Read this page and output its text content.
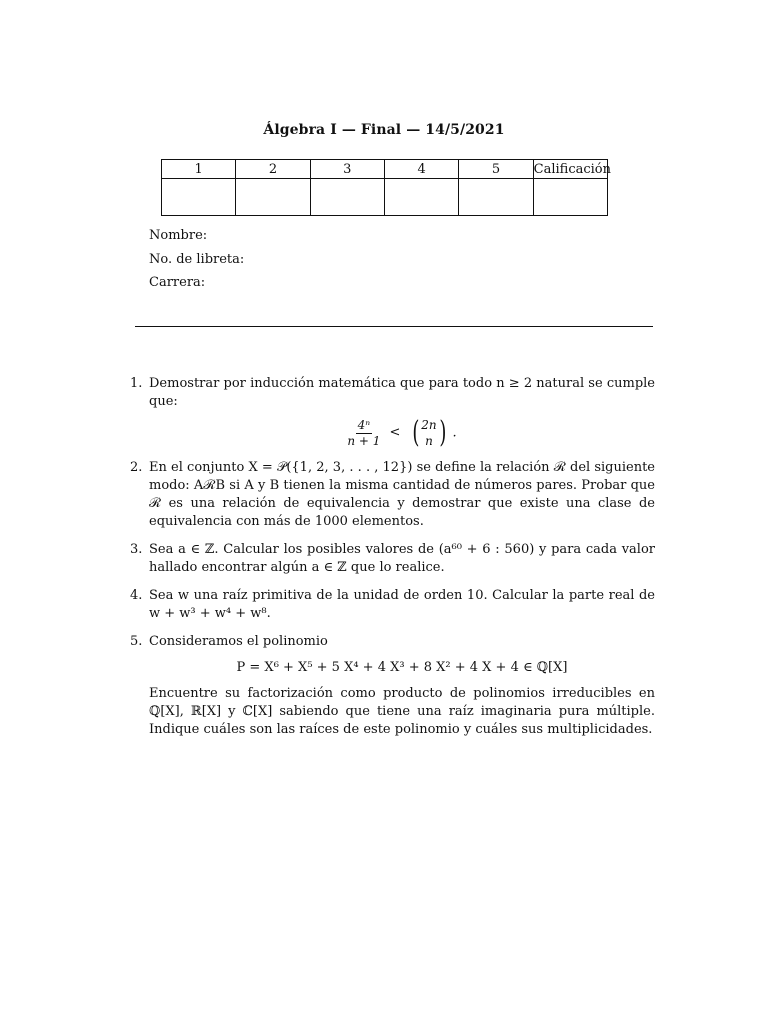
Álgebra I — Final — 14/5/2021
1	2	3	4	5	Calificación

Nombre:
No. de libreta:
Carrera:
1. Demostrar por inducción matemática que para todo n ≥ 2 natural se cumple que:
$\frac{\text{4ⁿ}}{n + 1}$ < ( 2n
n ) .
2. En el conjunto X = 𝒫({1, 2, 3, . . . , 12}) se define la relación ℛ del siguiente modo: AℛB si A y B tienen la misma cantidad de números pares. Probar que ℛ es una relación de equivalencia y demostrar que existe una clase de equivalencia con más de 1000 elementos.
3. Sea a ∈ ℤ. Calcular los posibles valores de (a⁶⁰ + 6 : 560) y para cada valor hallado encontrar algún a ∈ ℤ que lo realice.
4. Sea w una raíz primitiva de la unidad de orden 10. Calcular la parte real de w + w³ + w⁴ + w⁸.
5. Consideramos el polinomio
P = X⁶ + X⁵ + 5 X⁴ + 4 X³ + 8 X² + 4 X + 4 ∈ ℚ[X]
Encuentre su factorización como producto de polinomios irreducibles en ℚ[X], ℝ[X] y ℂ[X] sabiendo que tiene una raíz imaginaria pura múltiple. Indique cuáles son las raíces de este polinomio y cuáles sus multiplicidades.
